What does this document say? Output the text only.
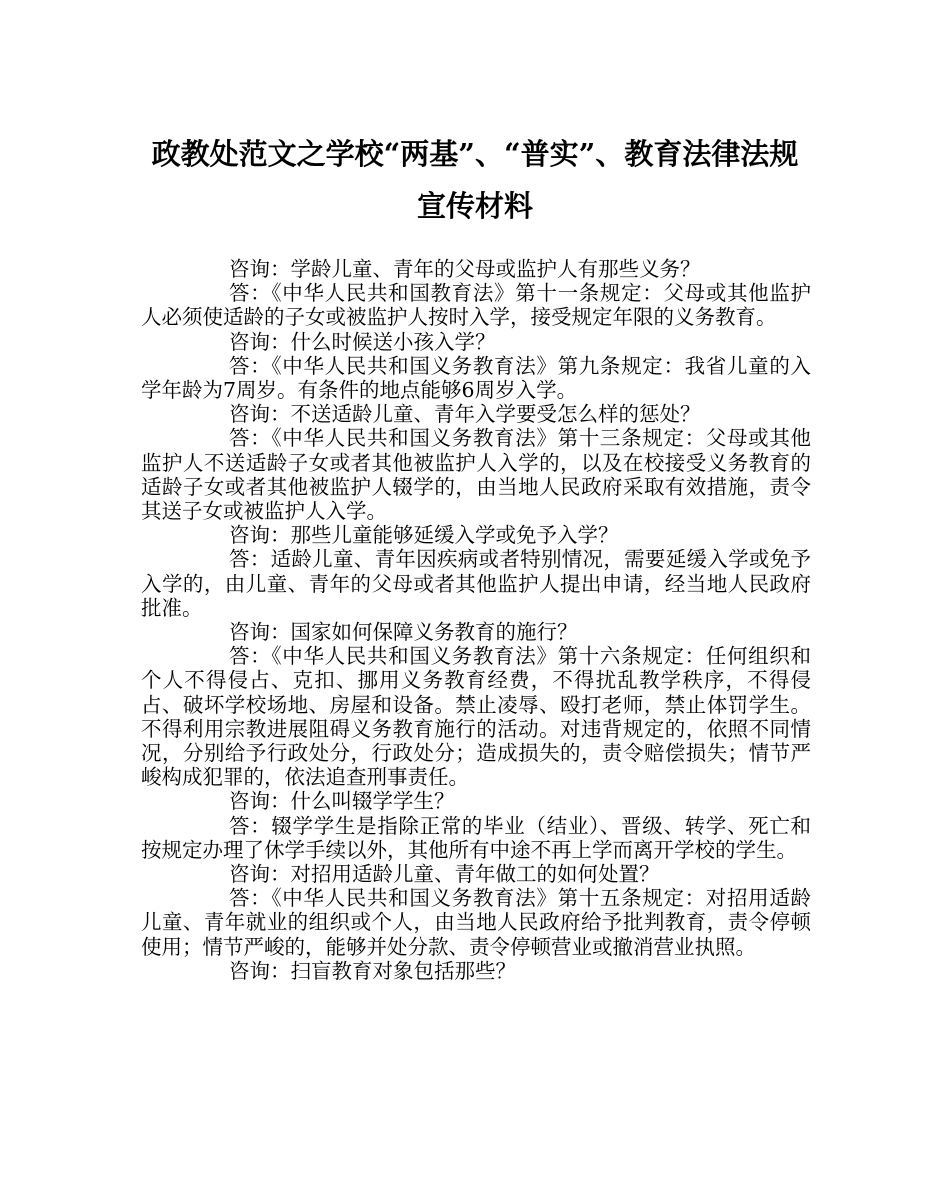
政教处范文之学校“两基”、“普实”、教育法律法规宣传材料

咨询：学龄儿童、青年的父母或监护人有那些义务？

答：《中华人民共和国教育法》第十一条规定：父母或其他监护人必须使适龄的子女或被监护人按时入学，接受规定年限的义务教育。

咨询：什么时候送小孩入学？

答：《中华人民共和国义务教育法》第九条规定：我省儿童的入学年龄为7周岁。有条件的地点能够6周岁入学。

咨询：不送适龄儿童、青年入学要受怎么样的惩处？

答：《中华人民共和国义务教育法》第十三条规定：父母或其他监护人不送适龄子女或者其他被监护人入学的，以及在校接受义务教育的适龄子女或者其他被监护人辍学的，由当地人民政府采取有效措施，责令其送子女或被监护人入学。

咨询：那些儿童能够延缓入学或免予入学？

答：适龄儿童、青年因疾病或者特别情况，需要延缓入学或免予入学的，由儿童、青年的父母或者其他监护人提出申请，经当地人民政府批准。

咨询：国家如何保障义务教育的施行？

答：《中华人民共和国义务教育法》第十六条规定：任何组织和个人不得侵占、克扣、挪用义务教育经费，不得扰乱教学秩序，不得侵占、破坏学校场地、房屋和设备。禁止凌辱、殴打老师，禁止体罚学生。不得利用宗教进展阻碍义务教育施行的活动。对违背规定的，依照不同情况，分别给予行政处分，行政处分；造成损失的，责令赔偿损失；情节严峻构成犯罪的，依法追查刑事责任。

咨询：什么叫辍学学生？

答：辍学学生是指除正常的毕业（结业）、晋级、转学、死亡和按规定办理了休学手续以外，其他所有中途不再上学而离开学校的学生。

咨询：对招用适龄儿童、青年做工的如何处置？

答：《中华人民共和国义务教育法》第十五条规定：对招用适龄儿童、青年就业的组织或个人，由当地人民政府给予批判教育，责令停顿使用；情节严峻的，能够并处分款、责令停顿营业或撤消营业执照。

咨询：扫盲教育对象包括那些？
